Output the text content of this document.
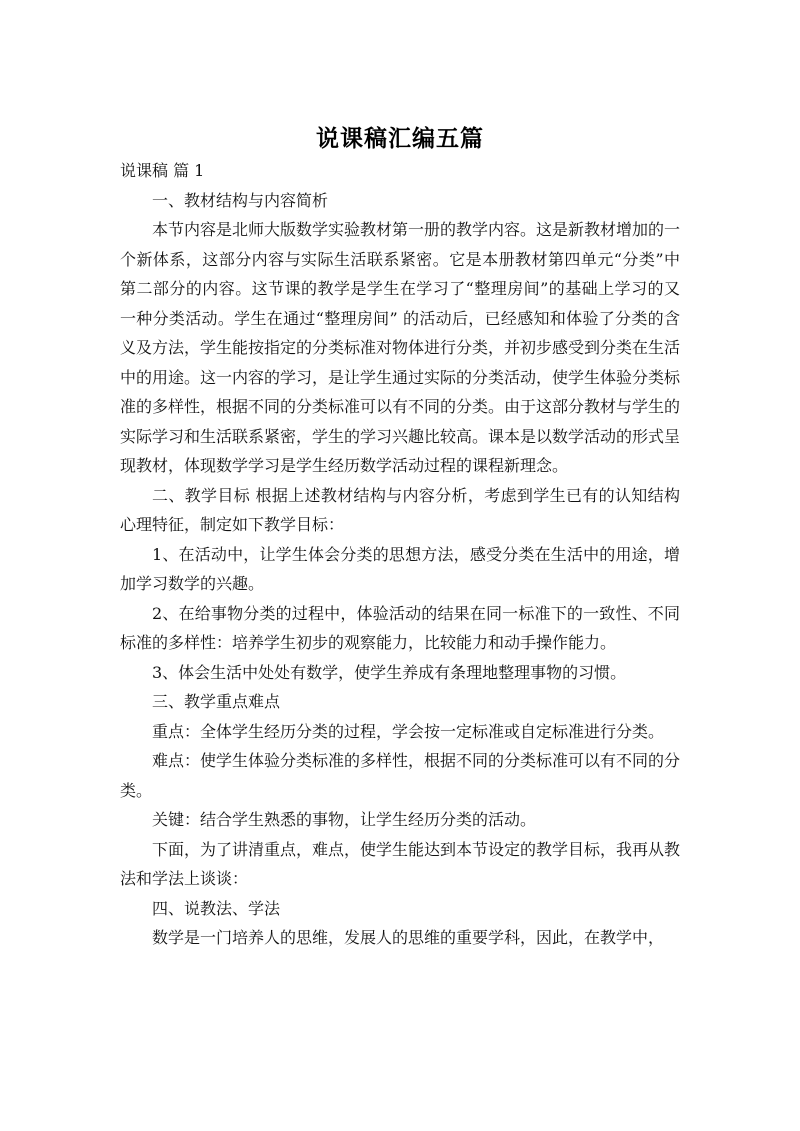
说课稿汇编五篇

说课稿 篇 1

一、教材结构与内容简析

本节内容是北师大版数学实验教材第一册的教学内容。这是新教材增加的一个新体系，这部分内容与实际生活联系紧密。它是本册教材第四单元“分类”中第二部分的内容。这节课的教学是学生在学习了“整理房间”的基础上学习的又一种分类活动。学生在通过“整理房间” 的活动后，已经感知和体验了分类的含义及方法，学生能按指定的分类标准对物体进行分类，并初步感受到分类在生活中的用途。这一内容的学习，是让学生通过实际的分类活动，使学生体验分类标准的多样性，根据不同的分类标准可以有不同的分类。由于这部分教材与学生的实际学习和生活联系紧密，学生的学习兴趣比较高。课本是以数学活动的形式呈现教材，体现数学学习是学生经历数学活动过程的课程新理念。

二、教学目标 根据上述教材结构与内容分析，考虑到学生已有的认知结构心理特征，制定如下教学目标：

1、在活动中，让学生体会分类的思想方法，感受分类在生活中的用途，增加学习数学的兴趣。

2、在给事物分类的过程中，体验活动的结果在同一标准下的一致性、不同标准的多样性：培养学生初步的观察能力，比较能力和动手操作能力。

3、体会生活中处处有数学，使学生养成有条理地整理事物的习惯。

三、教学重点难点

重点：全体学生经历分类的过程，学会按一定标准或自定标准进行分类。

难点：使学生体验分类标准的多样性，根据不同的分类标准可以有不同的分类。

关键：结合学生熟悉的事物，让学生经历分类的活动。

下面，为了讲清重点，难点，使学生能达到本节设定的教学目标，我再从教法和学法上谈谈：

四、说教法、学法

数学是一门培养人的思维，发展人的思维的重要学科，因此，在教学中，
